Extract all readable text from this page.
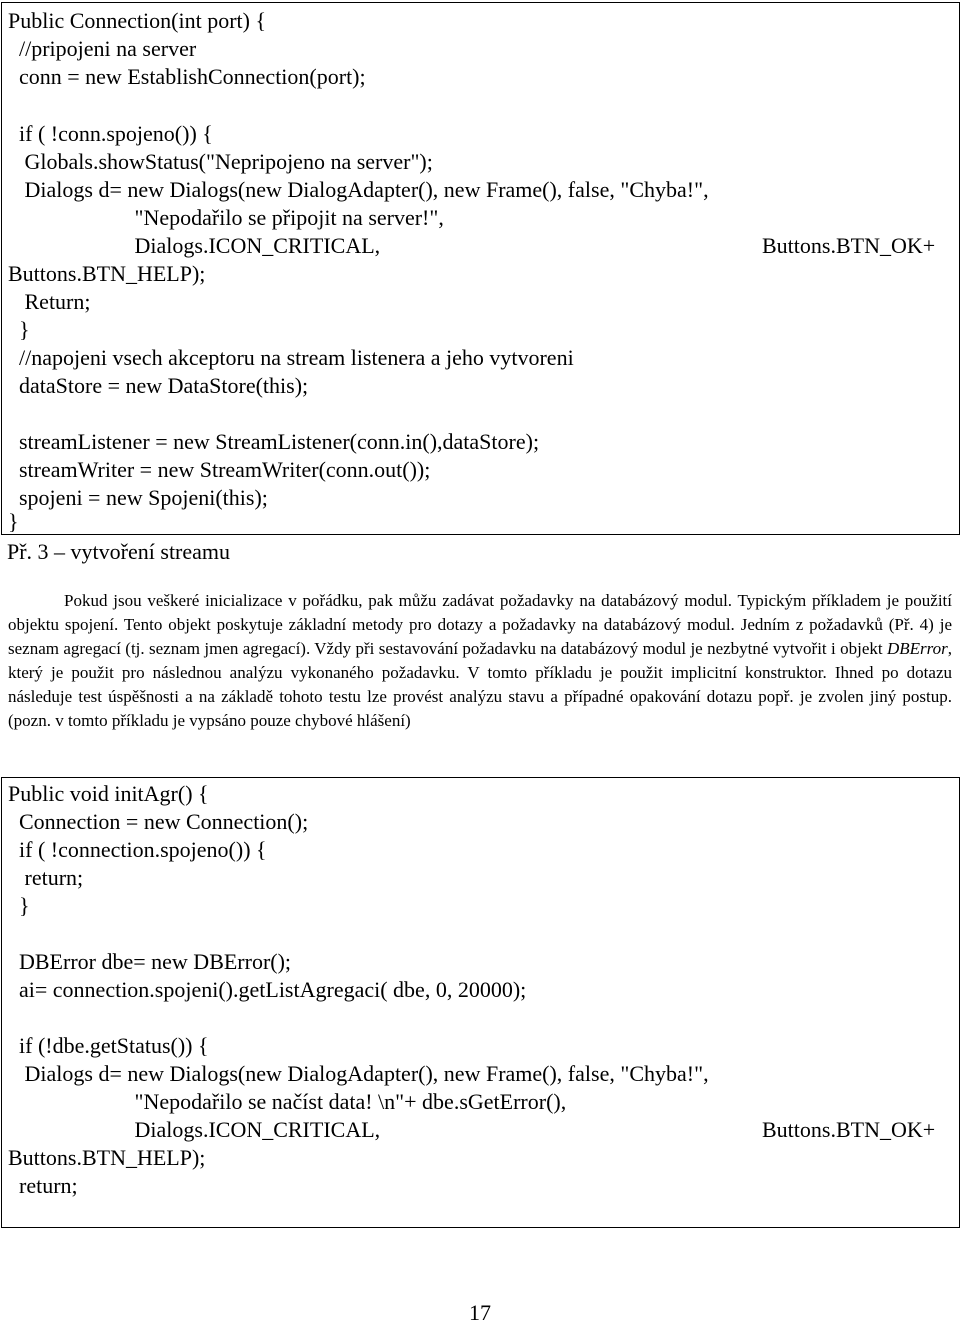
Public Connection(int port) {
//pripojeni na server
conn = new EstablishConnection(port);
if ( !conn.spojeno()) {
Globals.showStatus("Nepripojeno na server");
Dialogs d= new Dialogs(new DialogAdapter(), new Frame(), false, "Chyba!",
"Nepodařilo se připojit na server!",
Dialogs.ICON_CRITICAL,	Buttons.BTN_OK+
Buttons.BTN_HELP);
Return;
}
//napojeni vsech akceptoru na stream listenera a jeho vytvoreni
dataStore = new DataStore(this);
streamListener = new StreamListener(conn.in(),dataStore);
streamWriter = new StreamWriter(conn.out());
spojeni = new Spojeni(this);
}
Př. 3 – vytvoření streamu

Pokud jsou veškeré inicializace v pořádku, pak můžu zadávat požadavky na databázový modul. Typickým příkladem je použití objektu spojení. Tento objekt poskytuje základní metody pro dotazy a požadavky na databázový modul. Jedním z požadavků (Př. 4) je seznam agregací (tj. seznam jmen agregací). Vždy při sestavování požadavku na databázový modul je nezbytné vytvořit i objekt DBError, který je použit pro následnou analýzu vykonaného požadavku. V tomto příkladu je použit implicitní konstruktor. Ihned po dotazu následuje test úspěšnosti a na základě tohoto testu lze provést analýzu stavu a případné opakování dotazu popř. je zvolen jiný postup. (pozn. v tomto příkladu je vypsáno pouze chybové hlášení)

Public void initAgr() {
Connection = new Connection();
if ( !connection.spojeno()) {
return;
}
DBError dbe= new DBError();
ai= connection.spojeni().getListAgregaci( dbe, 0, 20000);
if (!dbe.getStatus()) {
Dialogs d= new Dialogs(new DialogAdapter(), new Frame(), false, "Chyba!",
"Nepodařilo se načíst data! \n"+ dbe.sGetError(),
Dialogs.ICON_CRITICAL,	Buttons.BTN_OK+
Buttons.BTN_HELP);
return;
17
